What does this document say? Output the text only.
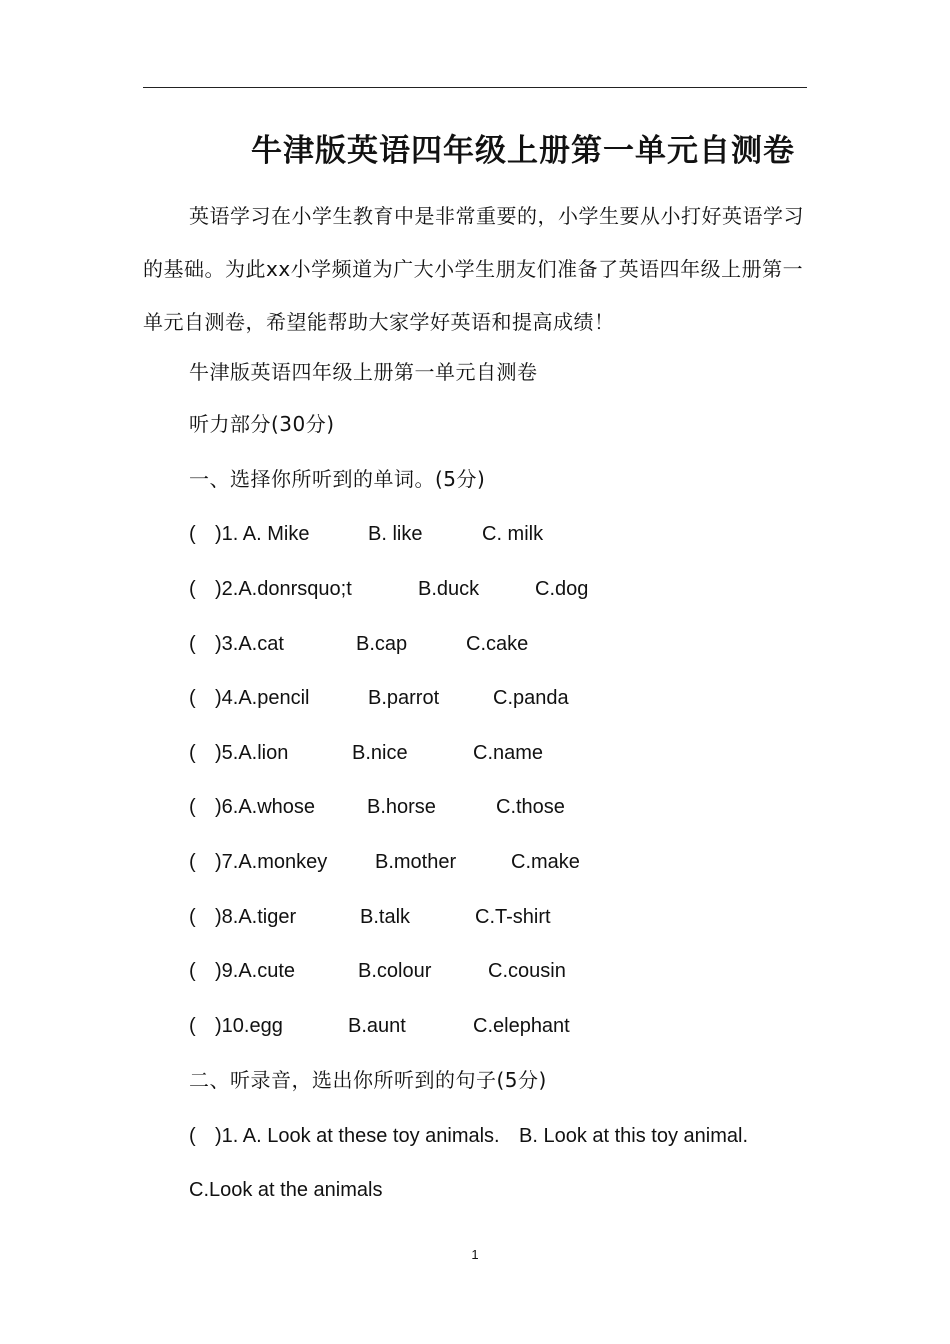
牛津版英语四年级上册第一单元自测卷
英语学习在小学生教育中是非常重要的，小学生要从小打好英语学习的基础。为此xx小学频道为广大小学生朋友们准备了英语四年级上册第一单元自测卷，希望能帮助大家学好英语和提高成绩！
牛津版英语四年级上册第一单元自测卷
听力部分(30分)
一、选择你所听到的单词。(5分)
( )1. A. Mike	B. like	C. milk
( )2.A.donrsquo;t	B.duck	C.dog
( )3.A.cat	B.cap	C.cake
( )4.A.pencil	B.parrot	C.panda
( )5.A.lion	B.nice	C.name
( )6.A.whose	B.horse	C.those
( )7.A.monkey B.mother	C.make
( )8.A.tiger	B.talk	C.T-shirt
( )9.A.cute	B.colour	C.cousin
( )10.egg	B.aunt	C.elephant
二、听录音，选出你所听到的句子(5分)
( )1. A. Look at these toy animals. B. Look at this toy animal.
C.Look at the animals
1
